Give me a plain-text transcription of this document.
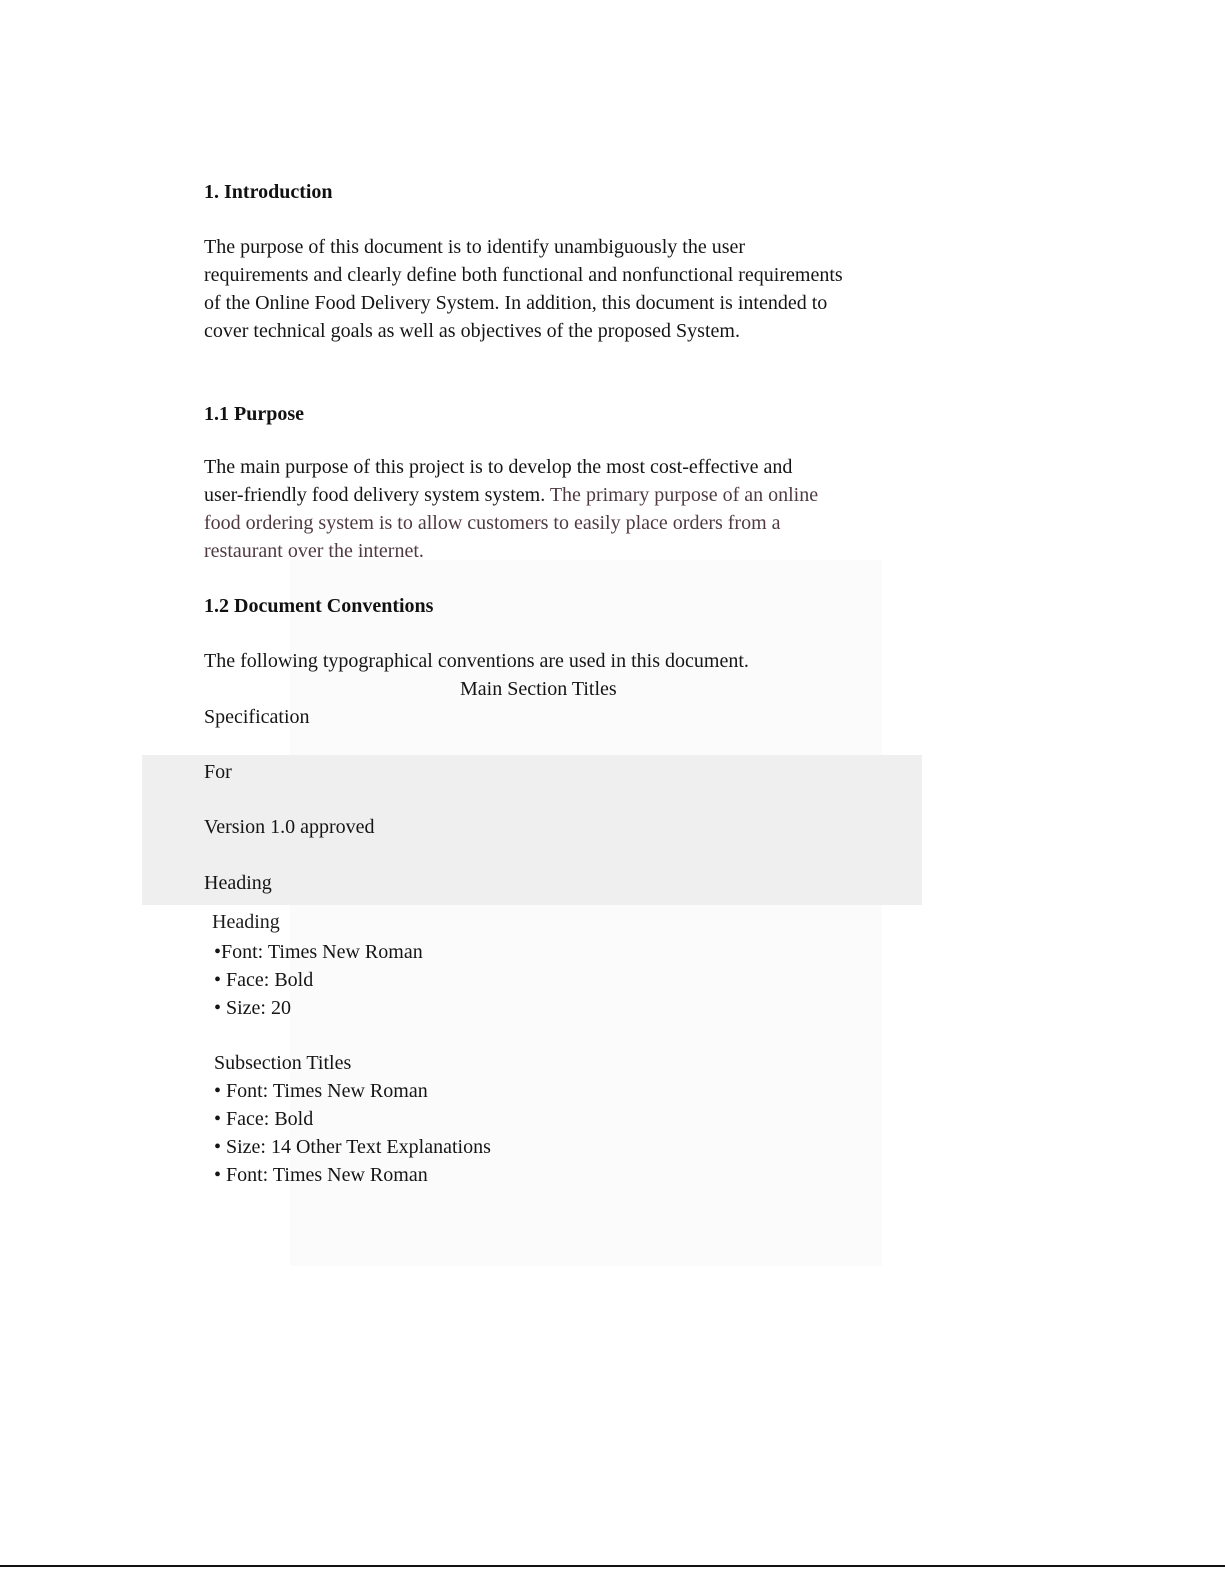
1. Introduction
The purpose of this document is to identify unambiguously the user
requirements and clearly define both functional and nonfunctional requirements
of the Online Food Delivery System. In addition, this document is intended to
cover technical goals as well as objectives of the proposed System.
1.1 Purpose
The main purpose of this project is to develop the most cost-effective and
user-friendly food delivery system system. The primary purpose of an online
food ordering system is to allow customers to easily place orders from a
restaurant over the internet.
1.2 Document Conventions
The following typographical conventions are used in this document.
Main Section Titles
Specification
For
Version 1.0 approved
Heading
Heading
•Font: Times New Roman
• Face: Bold
• Size: 20
Subsection Titles
• Font: Times New Roman
• Face: Bold
• Size: 14 Other Text Explanations
• Font: Times New Roman
